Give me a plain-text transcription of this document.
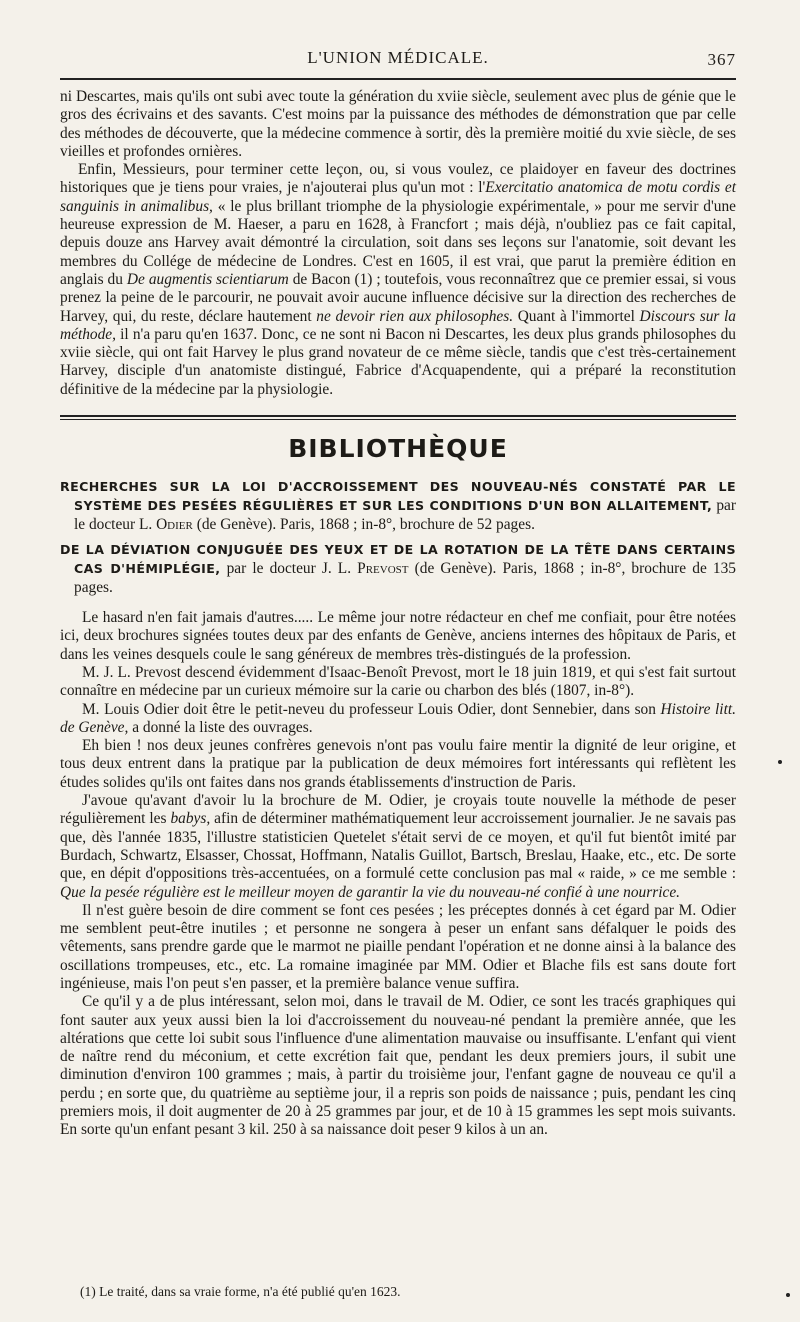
L'UNION MÉDICALE.	367

ni Descartes, mais qu'ils ont subi avec toute la génération du xviie siècle, seulement avec plus de génie que le gros des écrivains et des savants. C'est moins par la puissance des méthodes de démonstration que par celle des méthodes de découverte, que la médecine commence à sortir, dès la première moitié du xvie siècle, de ses vieilles et profondes ornières.

Enfin, Messieurs, pour terminer cette leçon, ou, si vous voulez, ce plaidoyer en faveur des doctrines historiques que je tiens pour vraies, je n'ajouterai plus qu'un mot : l'Exercitatio anatomica de motu cordis et sanguinis in animalibus, « le plus brillant triomphe de la physiologie expérimentale, » pour me servir d'une heureuse expression de M. Haeser, a paru en 1628, à Francfort ; mais déjà, n'oubliez pas ce fait capital, depuis douze ans Harvey avait démontré la circulation, soit dans ses leçons sur l'anatomie, soit devant les membres du Collége de médecine de Londres. C'est en 1605, il est vrai, que parut la première édition en anglais du De augmentis scientiarum de Bacon (1) ; toutefois, vous reconnaîtrez que ce premier essai, si vous prenez la peine de le parcourir, ne pouvait avoir aucune influence décisive sur la direction des recherches de Harvey, qui, du reste, déclare hautement ne devoir rien aux philosophes. Quant à l'immortel Discours sur la méthode, il n'a paru qu'en 1637. Donc, ce ne sont ni Bacon ni Descartes, les deux plus grands philosophes du xviie siècle, qui ont fait Harvey le plus grand novateur de ce même siècle, tandis que c'est très-certainement Harvey, disciple d'un anatomiste distingué, Fabrice d'Acquapendente, qui a préparé la reconstitution définitive de la médecine par la physiologie.

BIBLIOTHÈQUE

RECHERCHES SUR LA LOI D'ACCROISSEMENT DES NOUVEAU-NÉS CONSTATÉ PAR LE SYSTÈME DES PESÉES RÉGULIÈRES ET SUR LES CONDITIONS D'UN BON ALLAITEMENT, par le docteur L. Odier (de Genève). Paris, 1868 ; in-8°, brochure de 52 pages.

DE LA DÉVIATION CONJUGUÉE DES YEUX ET DE LA ROTATION DE LA TÊTE DANS CERTAINS CAS D'HÉMIPLÉGIE, par le docteur J. L. Prevost (de Genève). Paris, 1868 ; in-8°, brochure de 135 pages.

Le hasard n'en fait jamais d'autres..... Le même jour notre rédacteur en chef me confiait, pour être notées ici, deux brochures signées toutes deux par des enfants de Genève, anciens internes des hôpitaux de Paris, et dans les veines desquels coule le sang généreux de membres très-distingués de la profession.

M. J. L. Prevost descend évidemment d'Isaac-Benoît Prevost, mort le 18 juin 1819, et qui s'est fait surtout connaître en médecine par un curieux mémoire sur la carie ou charbon des blés (1807, in-8°).

M. Louis Odier doit être le petit-neveu du professeur Louis Odier, dont Sennebier, dans son Histoire litt. de Genève, a donné la liste des ouvrages.

Eh bien ! nos deux jeunes confrères genevois n'ont pas voulu faire mentir la dignité de leur origine, et tous deux entrent dans la pratique par la publication de deux mémoires fort intéressants qui reflètent les études solides qu'ils ont faites dans nos grands établissements d'instruction de Paris.

J'avoue qu'avant d'avoir lu la brochure de M. Odier, je croyais toute nouvelle la méthode de peser régulièrement les babys, afin de déterminer mathématiquement leur accroissement journalier. Je ne savais pas que, dès l'année 1835, l'illustre statisticien Quetelet s'était servi de ce moyen, et qu'il fut bientôt imité par Burdach, Schwartz, Elsasser, Chossat, Hoffmann, Natalis Guillot, Bartsch, Breslau, Haake, etc., etc. De sorte que, en dépit d'oppositions très-accentuées, on a formulé cette conclusion pas mal « raide, » ce me semble : Que la pesée régulière est le meilleur moyen de garantir la vie du nouveau-né confié à une nourrice.

Il n'est guère besoin de dire comment se font ces pesées ; les préceptes donnés à cet égard par M. Odier me semblent peut-être inutiles ; et personne ne songera à peser un enfant sans défalquer le poids des vêtements, sans prendre garde que le marmot ne piaille pendant l'opération et ne donne ainsi à la balance des oscillations trompeuses, etc., etc. La romaine imaginée par MM. Odier et Blache fils est sans doute fort ingénieuse, mais l'on peut s'en passer, et la première balance venue suffira.

Ce qu'il y a de plus intéressant, selon moi, dans le travail de M. Odier, ce sont les tracés graphiques qui font sauter aux yeux aussi bien la loi d'accroissement du nouveau-né pendant la première année, que les altérations que cette loi subit sous l'influence d'une alimentation mauvaise ou insuffisante. L'enfant qui vient de naître rend du méconium, et cette excrétion fait que, pendant les deux premiers jours, il subit une diminution d'environ 100 grammes ; mais, à partir du troisième jour, l'enfant gagne de nouveau ce qu'il a perdu ; en sorte que, du quatrième au septième jour, il a repris son poids de naissance ; puis, pendant les cinq premiers mois, il doit augmenter de 20 à 25 grammes par jour, et de 10 à 15 grammes les sept mois suivants. En sorte qu'un enfant pesant 3 kil. 250 à sa naissance doit peser 9 kilos à un an.

(1) Le traité, dans sa vraie forme, n'a été publié qu'en 1623.
